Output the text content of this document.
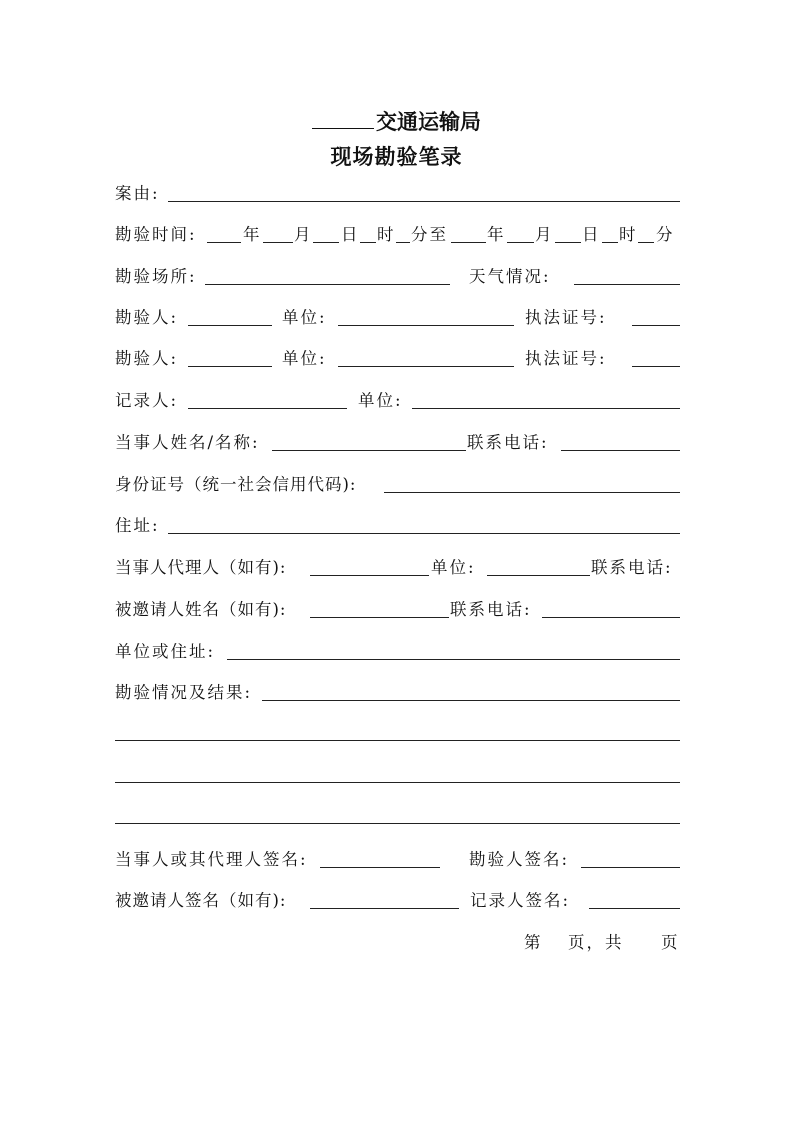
交通运输局
现场勘验笔录
案由:
勘验时间:	年 月 日 时 分至 年 月 日 时 分
勘验场所:	天气情况:
勘验人:	单位:	执法证号:
勘验人:	单位:	执法证号:
记录人:	单位:
当事人姓名/名称:	联系电话:
身份证号（统一社会信用代码):
住址:
当事人代理人（如有):	单位:	联系电话:
被邀请人姓名（如有):	联系电话:
单位或住址:
勘验情况及结果:
当事人或其代理人签名:	勘验人签名:
被邀请人签名（如有):	记录人签名:
第 页，共 页
